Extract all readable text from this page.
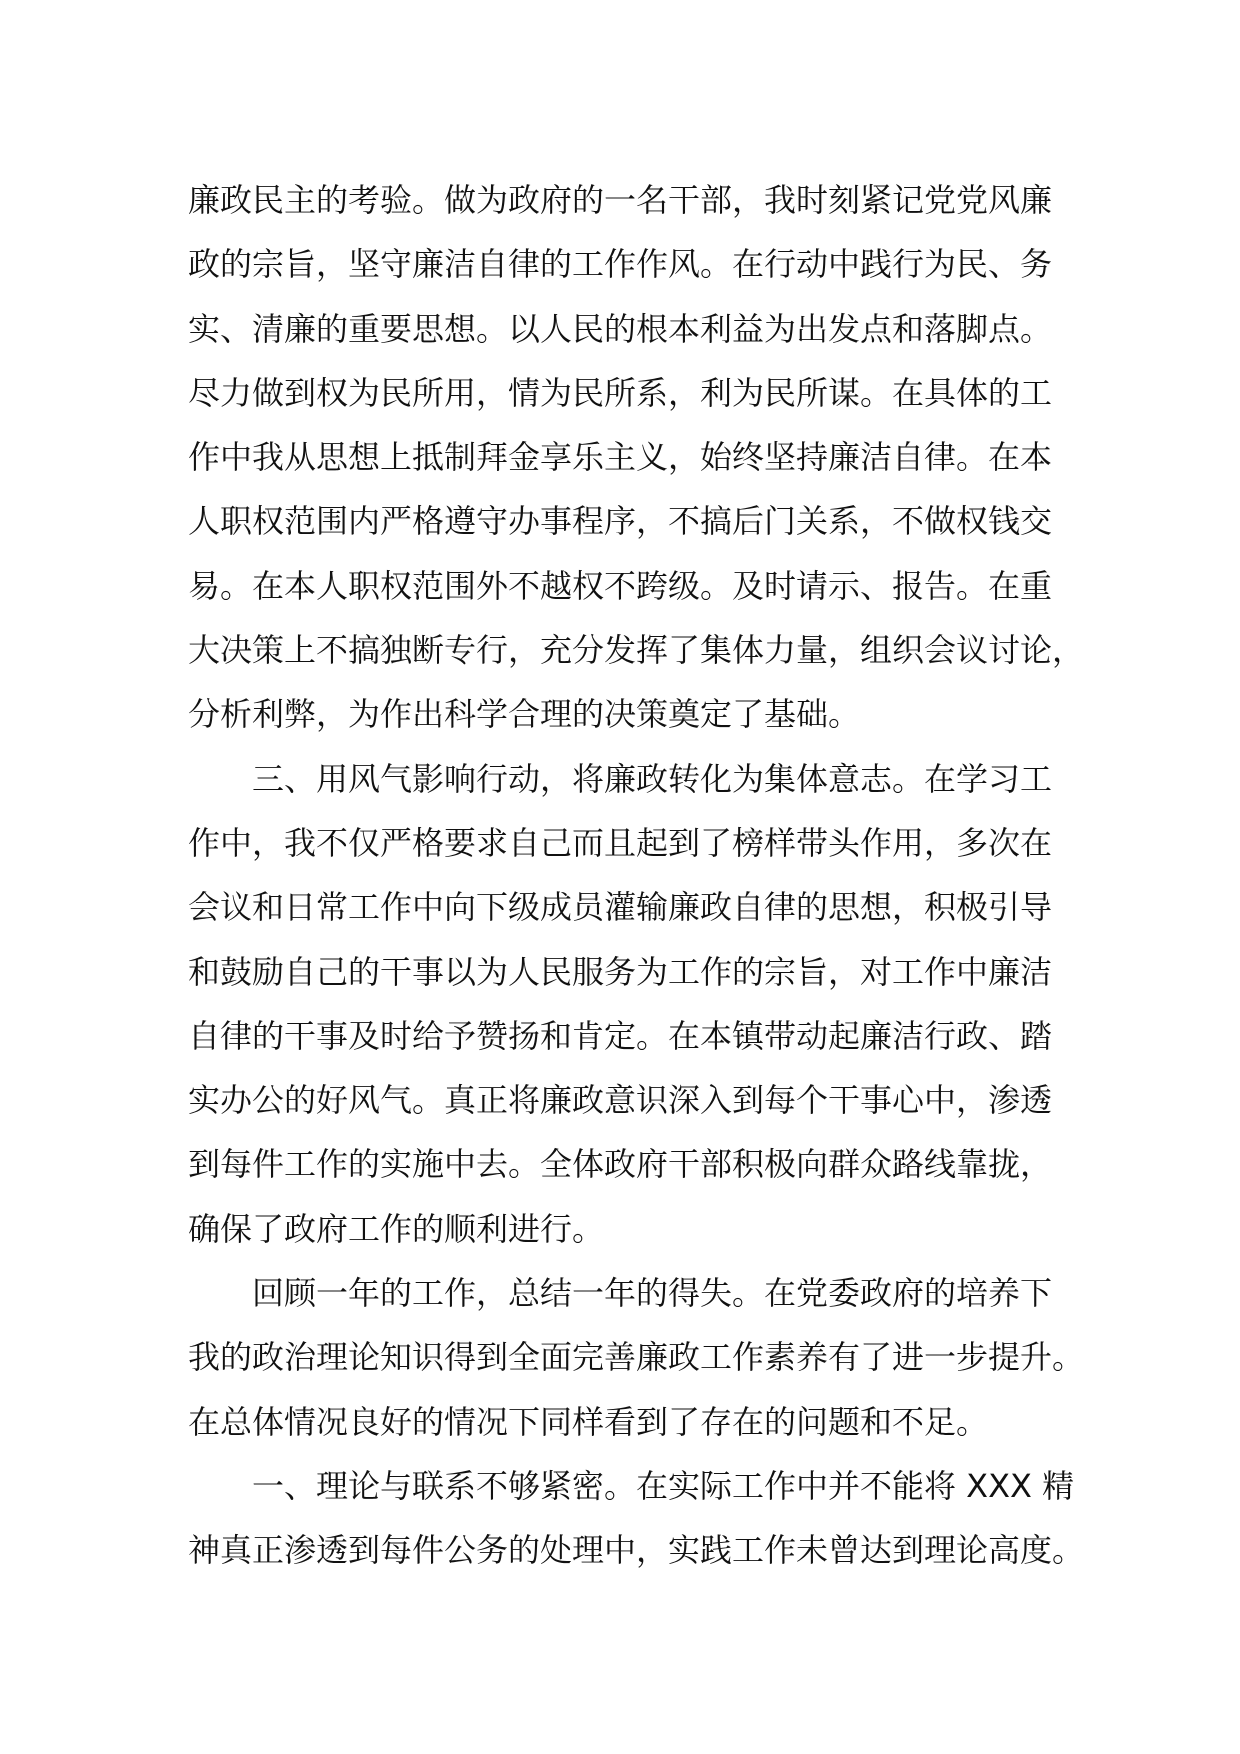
廉政民主的考验。做为政府的一名干部，我时刻紧记党党风廉
政的宗旨，坚守廉洁自律的工作作风。在行动中践行为民、务
实、清廉的重要思想。以人民的根本利益为出发点和落脚点。
尽力做到权为民所用，情为民所系，利为民所谋。在具体的工
作中我从思想上抵制拜金享乐主义，始终坚持廉洁自律。在本
人职权范围内严格遵守办事程序，不搞后门关系，不做权钱交
易。在本人职权范围外不越权不跨级。及时请示、报告。在重
大决策上不搞独断专行，充分发挥了集体力量，组织会议讨论，
分析利弊，为作出科学合理的决策奠定了基础。
三、用风气影响行动，将廉政转化为集体意志。在学习工
作中，我不仅严格要求自己而且起到了榜样带头作用，多次在
会议和日常工作中向下级成员灌输廉政自律的思想，积极引导
和鼓励自己的干事以为人民服务为工作的宗旨，对工作中廉洁
自律的干事及时给予赞扬和肯定。在本镇带动起廉洁行政、踏
实办公的好风气。真正将廉政意识深入到每个干事心中，渗透
到每件工作的实施中去。全体政府干部积极向群众路线靠拢，
确保了政府工作的顺利进行。
回顾一年的工作，总结一年的得失。在党委政府的培养下
我的政治理论知识得到全面完善廉政工作素养有了进一步提升。
在总体情况良好的情况下同样看到了存在的问题和不足。
一、理论与联系不够紧密。在实际工作中并不能将 XXX 精
神真正渗透到每件公务的处理中，实践工作未曾达到理论高度。
